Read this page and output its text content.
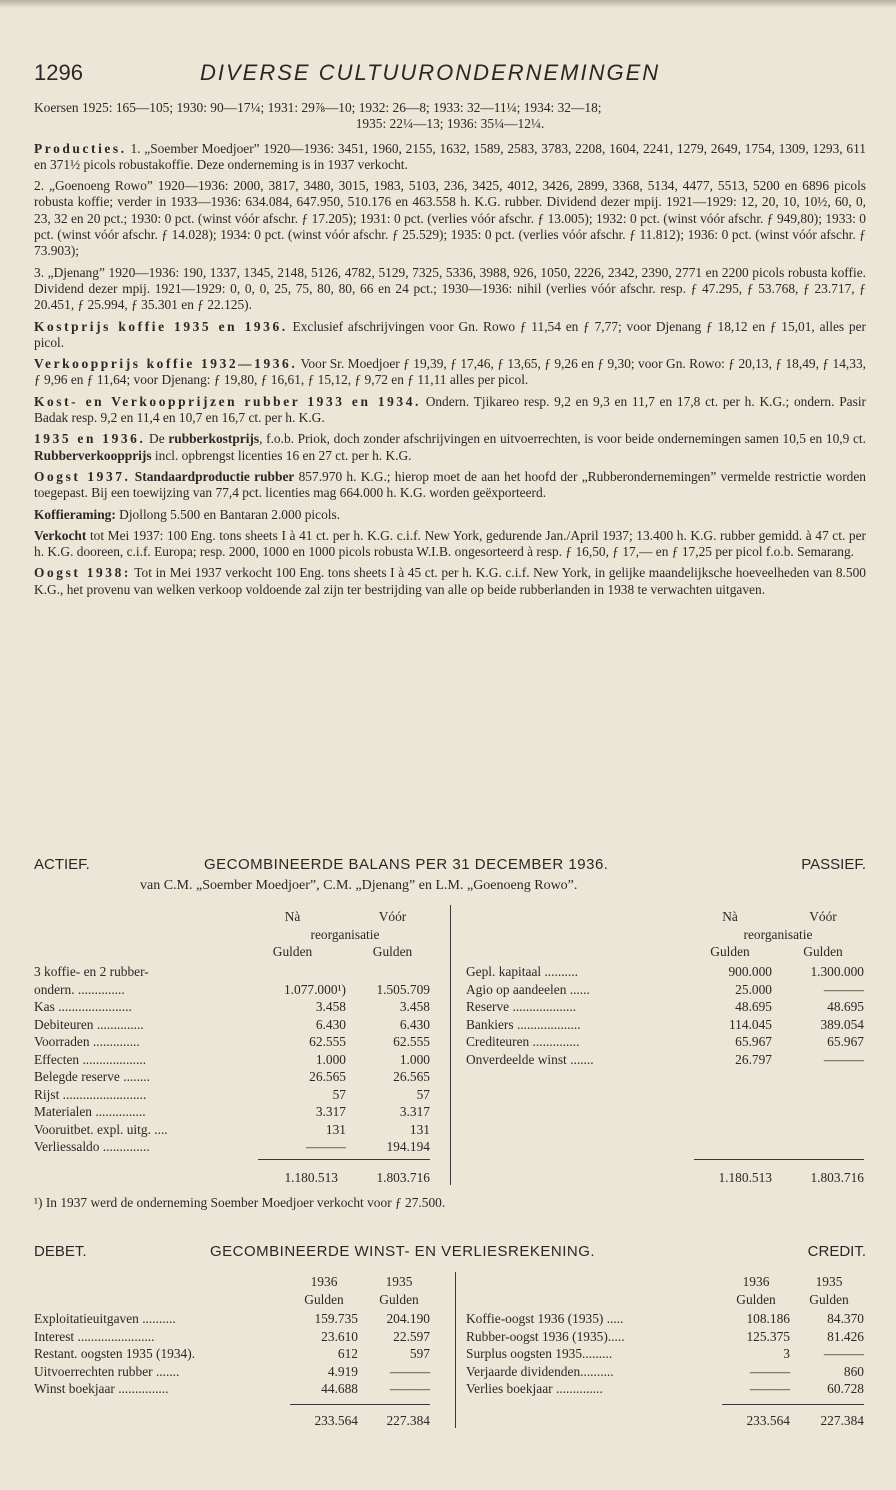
1296	DIVERSE CULTUURONDERNEMINGEN

Koersen 1925: 165—105; 1930: 90—17¼; 1931: 29⅞—10; 1932: 26—8; 1933: 32—11¼; 1934: 32—18;

1935: 22¼—13; 1936: 35¼—12¼.

Producties. 1. „Soember Moedjoer” 1920—1936: 3451, 1960, 2155, 1632, 1589, 2583, 3783, 2208, 1604, 2241, 1279, 2649, 1754, 1309, 1293, 611 en 371½ picols robustakoffie. Deze onderneming is in 1937 verkocht.

2. „Goenoeng Rowo” 1920—1936: 2000, 3817, 3480, 3015, 1983, 5103, 236, 3425, 4012, 3426, 2899, 3368, 5134, 4477, 5513, 5200 en 6896 picols robusta koffie; verder in 1933—1936: 634.084, 647.950, 510.176 en 463.558 h. K.G. rubber. Dividend dezer mpij. 1921—1929: 12, 20, 10, 10½, 60, 0, 23, 32 en 20 pct.; 1930: 0 pct. (winst vóór afschr. ƒ 17.205); 1931: 0 pct. (verlies vóór afschr. ƒ 13.005); 1932: 0 pct. (winst vóór afschr. ƒ 949,80); 1933: 0 pct. (winst vóór afschr. ƒ 14.028); 1934: 0 pct. (winst vóór afschr. ƒ 25.529); 1935: 0 pct. (verlies vóór afschr. ƒ 11.812); 1936: 0 pct. (winst vóór afschr. ƒ 73.903);

3. „Djenang” 1920—1936: 190, 1337, 1345, 2148, 5126, 4782, 5129, 7325, 5336, 3988, 926, 1050, 2226, 2342, 2390, 2771 en 2200 picols robusta koffie. Dividend dezer mpij. 1921—1929: 0, 0, 0, 25, 75, 80, 80, 66 en 24 pct.; 1930—1936: nihil (verlies vóór afschr. resp. ƒ 47.295, ƒ 53.768, ƒ 23.717, ƒ 20.451, ƒ 25.994, ƒ 35.301 en ƒ 22.125).

Kostprijs koffie 1935 en 1936. Exclusief afschrijvingen voor Gn. Rowo ƒ 11,54 en ƒ 7,77; voor Djenang ƒ 18,12 en ƒ 15,01, alles per picol.

Verkoopprijs koffie 1932—1936. Voor Sr. Moedjoer ƒ 19,39, ƒ 17,46, ƒ 13,65, ƒ 9,26 en ƒ 9,30; voor Gn. Rowo: ƒ 20,13, ƒ 18,49, ƒ 14,33, ƒ 9,96 en ƒ 11,64; voor Djenang: ƒ 19,80, ƒ 16,61, ƒ 15,12, ƒ 9,72 en ƒ 11,11 alles per picol.

Kost- en Verkoopprijzen rubber 1933 en 1934. Ondern. Tjikareo resp. 9,2 en 9,3 en 11,7 en 17,8 ct. per h. K.G.; ondern. Pasir Badak resp. 9,2 en 11,4 en 10,7 en 16,7 ct. per h. K.G.

1935 en 1936. De rubberkostprijs, f.o.b. Priok, doch zonder afschrijvingen en uitvoerrechten, is voor beide ondernemingen samen 10,5 en 10,9 ct. Rubberverkoopprijs incl. opbrengst licenties 16 en 27 ct. per h. K.G.

Oogst 1937. Standaardproductie rubber 857.970 h. K.G.; hierop moet de aan het hoofd der „Rubberondernemingen” vermelde restrictie worden toegepast. Bij een toewijzing van 77,4 pct. licenties mag 664.000 h. K.G. worden geëxporteerd.

Koffieraming: Djollong 5.500 en Bantaran 2.000 picols.

Verkocht tot Mei 1937: 100 Eng. tons sheets I à 41 ct. per h. K.G. c.i.f. New York, gedurende Jan./April 1937; 13.400 h. K.G. rubber gemidd. à 47 ct. per h. K.G. dooreen, c.i.f. Europa; resp. 2000, 1000 en 1000 picols robusta W.I.B. ongesorteerd à resp. ƒ 16,50, ƒ 17,— en ƒ 17,25 per picol f.o.b. Semarang.

Oogst 1938: Tot in Mei 1937 verkocht 100 Eng. tons sheets I à 45 ct. per h. K.G. c.i.f. New York, in gelijke maandelijksche hoeveelheden van 8.500 K.G., het provenu van welken verkoop voldoende zal zijn ter bestrijding van alle op beide rubberlanden in 1938 te verwachten uitgaven.

ACTIEF.	GECOMBINEERDE BALANS PER 31 DECEMBER 1936.	PASSIEF.
van C.M. „Soember Moedjoer”, C.M. „Djenang” en L.M. „Goenoeng Rowo”.
Nà	Vóór
reorganisatie
Gulden	Gulden
Nà	Vóór
reorganisatie
Gulden	Gulden
3 koffie- en 2 rubber-
ondern. ..............	1.077.000¹)	1.505.709
Kas ......................	3.458	3.458
Debiteuren ..............	6.430	6.430
Voorraden ..............	62.555	62.555
Effecten ...................	1.000	1.000
Belegde reserve ........	26.565	26.565
Rijst .........................	57	57
Materialen ...............	3.317	3.317
Vooruitbet. expl. uitg. ....	131	131
Verliessaldo ..............	———	194.194
1.180.513	1.803.716
Gepl. kapitaal ..........	900.000	1.300.000
Agio op aandeelen ......	25.000	———
Reserve ...................	48.695	48.695
Bankiers ...................	114.045	389.054
Crediteuren ..............	65.967	65.967
Onverdeelde winst .......	26.797	———
1.180.513	1.803.716
¹) In 1937 werd de onderneming Soember Moedjoer verkocht voor ƒ 27.500.
DEBET.	GECOMBINEERDE WINST- EN VERLIESREKENING.	CREDIT.
1936	1935
Gulden	Gulden
1936	1935
Gulden	Gulden
Exploitatieuitgaven ..........	159.735	204.190
Interest .......................	23.610	22.597
Restant. oogsten 1935 (1934).	612	597
Uitvoerrechten rubber .......	4.919	———
Winst boekjaar ...............	44.688	———
233.564	227.384
Koffie-oogst 1936 (1935) .....	108.186	84.370
Rubber-oogst 1936 (1935).....	125.375	81.426
Surplus oogsten 1935.........	3	———
Verjaarde dividenden..........	———	860
Verlies boekjaar ..............	———	60.728
233.564	227.384
